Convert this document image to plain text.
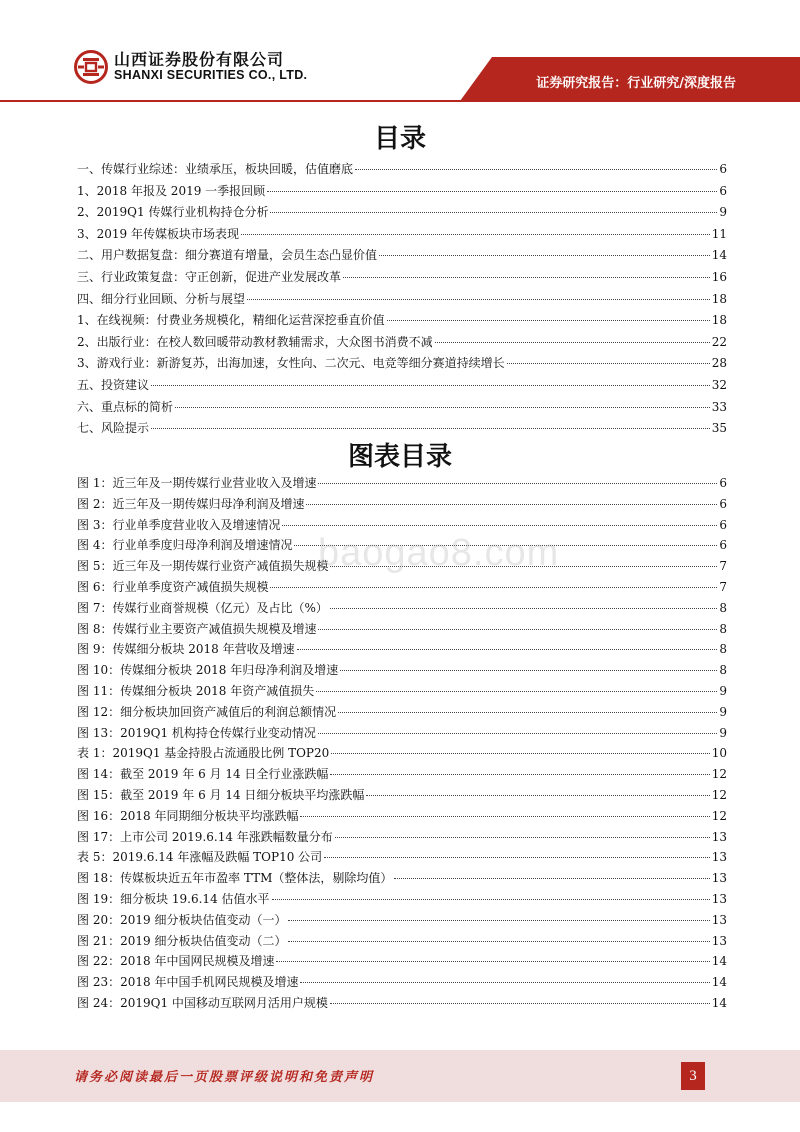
山西证券股份有限公司
SHANXI SECURITIES CO., LTD.
证券研究报告：行业研究/深度报告
目录
一、传媒行业综述：业绩承压，板块回暖，估值磨底	6
1、2018 年报及 2019 一季报回顾	6
2、2019Q1 传媒行业机构持仓分析	9
3、2019 年传媒板块市场表现	11
二、用户数据复盘：细分赛道有增量，会员生态凸显价值	14
三、行业政策复盘：守正创新，促进产业发展改革	16
四、细分行业回顾、分析与展望	18
1、在线视频：付费业务规模化，精细化运营深挖垂直价值	18
2、出版行业：在校人数回暖带动教材教辅需求，大众图书消费不减	22
3、游戏行业：新游复苏，出海加速，女性向、二次元、电竞等细分赛道持续增长	28
五、投资建议	32
六、重点标的简析	33
七、风险提示	35
图表目录
图 1：近三年及一期传媒行业营业收入及增速	6
图 2：近三年及一期传媒归母净利润及增速	6
图 3：行业单季度营业收入及增速情况	6
图 4：行业单季度归母净利润及增速情况	6
图 5：近三年及一期传媒行业资产减值损失规模	7
图 6：行业单季度资产减值损失规模	7
图 7：传媒行业商誉规模（亿元）及占比（%）	8
图 8：传媒行业主要资产减值损失规模及增速	8
图 9：传媒细分板块 2018 年营收及增速	8
图 10：传媒细分板块 2018 年归母净利润及增速	8
图 11：传媒细分板块 2018 年资产减值损失	9
图 12：细分板块加回资产减值后的利润总额情况	9
图 13：2019Q1 机构持仓传媒行业变动情况	9
表 1：2019Q1 基金持股占流通股比例 TOP20	10
图 14：截至 2019 年 6 月 14 日全行业涨跌幅	12
图 15：截至 2019 年 6 月 14 日细分板块平均涨跌幅	12
图 16：2018 年同期细分板块平均涨跌幅	12
图 17：上市公司 2019.6.14 年涨跌幅数量分布	13
表 5：2019.6.14 年涨幅及跌幅 TOP10 公司	13
图 18：传媒板块近五年市盈率 TTM（整体法，剔除均值）	13
图 19：细分板块 19.6.14 估值水平	13
图 20：2019 细分板块估值变动（一）	13
图 21：2019 细分板块估值变动（二）	13
图 22：2018 年中国网民规模及增速	14
图 23：2018 年中国手机网民规模及增速	14
图 24：2019Q1 中国移动互联网月活用户规模	14
baogao8.com
请务必阅读最后一页股票评级说明和免责声明	3
